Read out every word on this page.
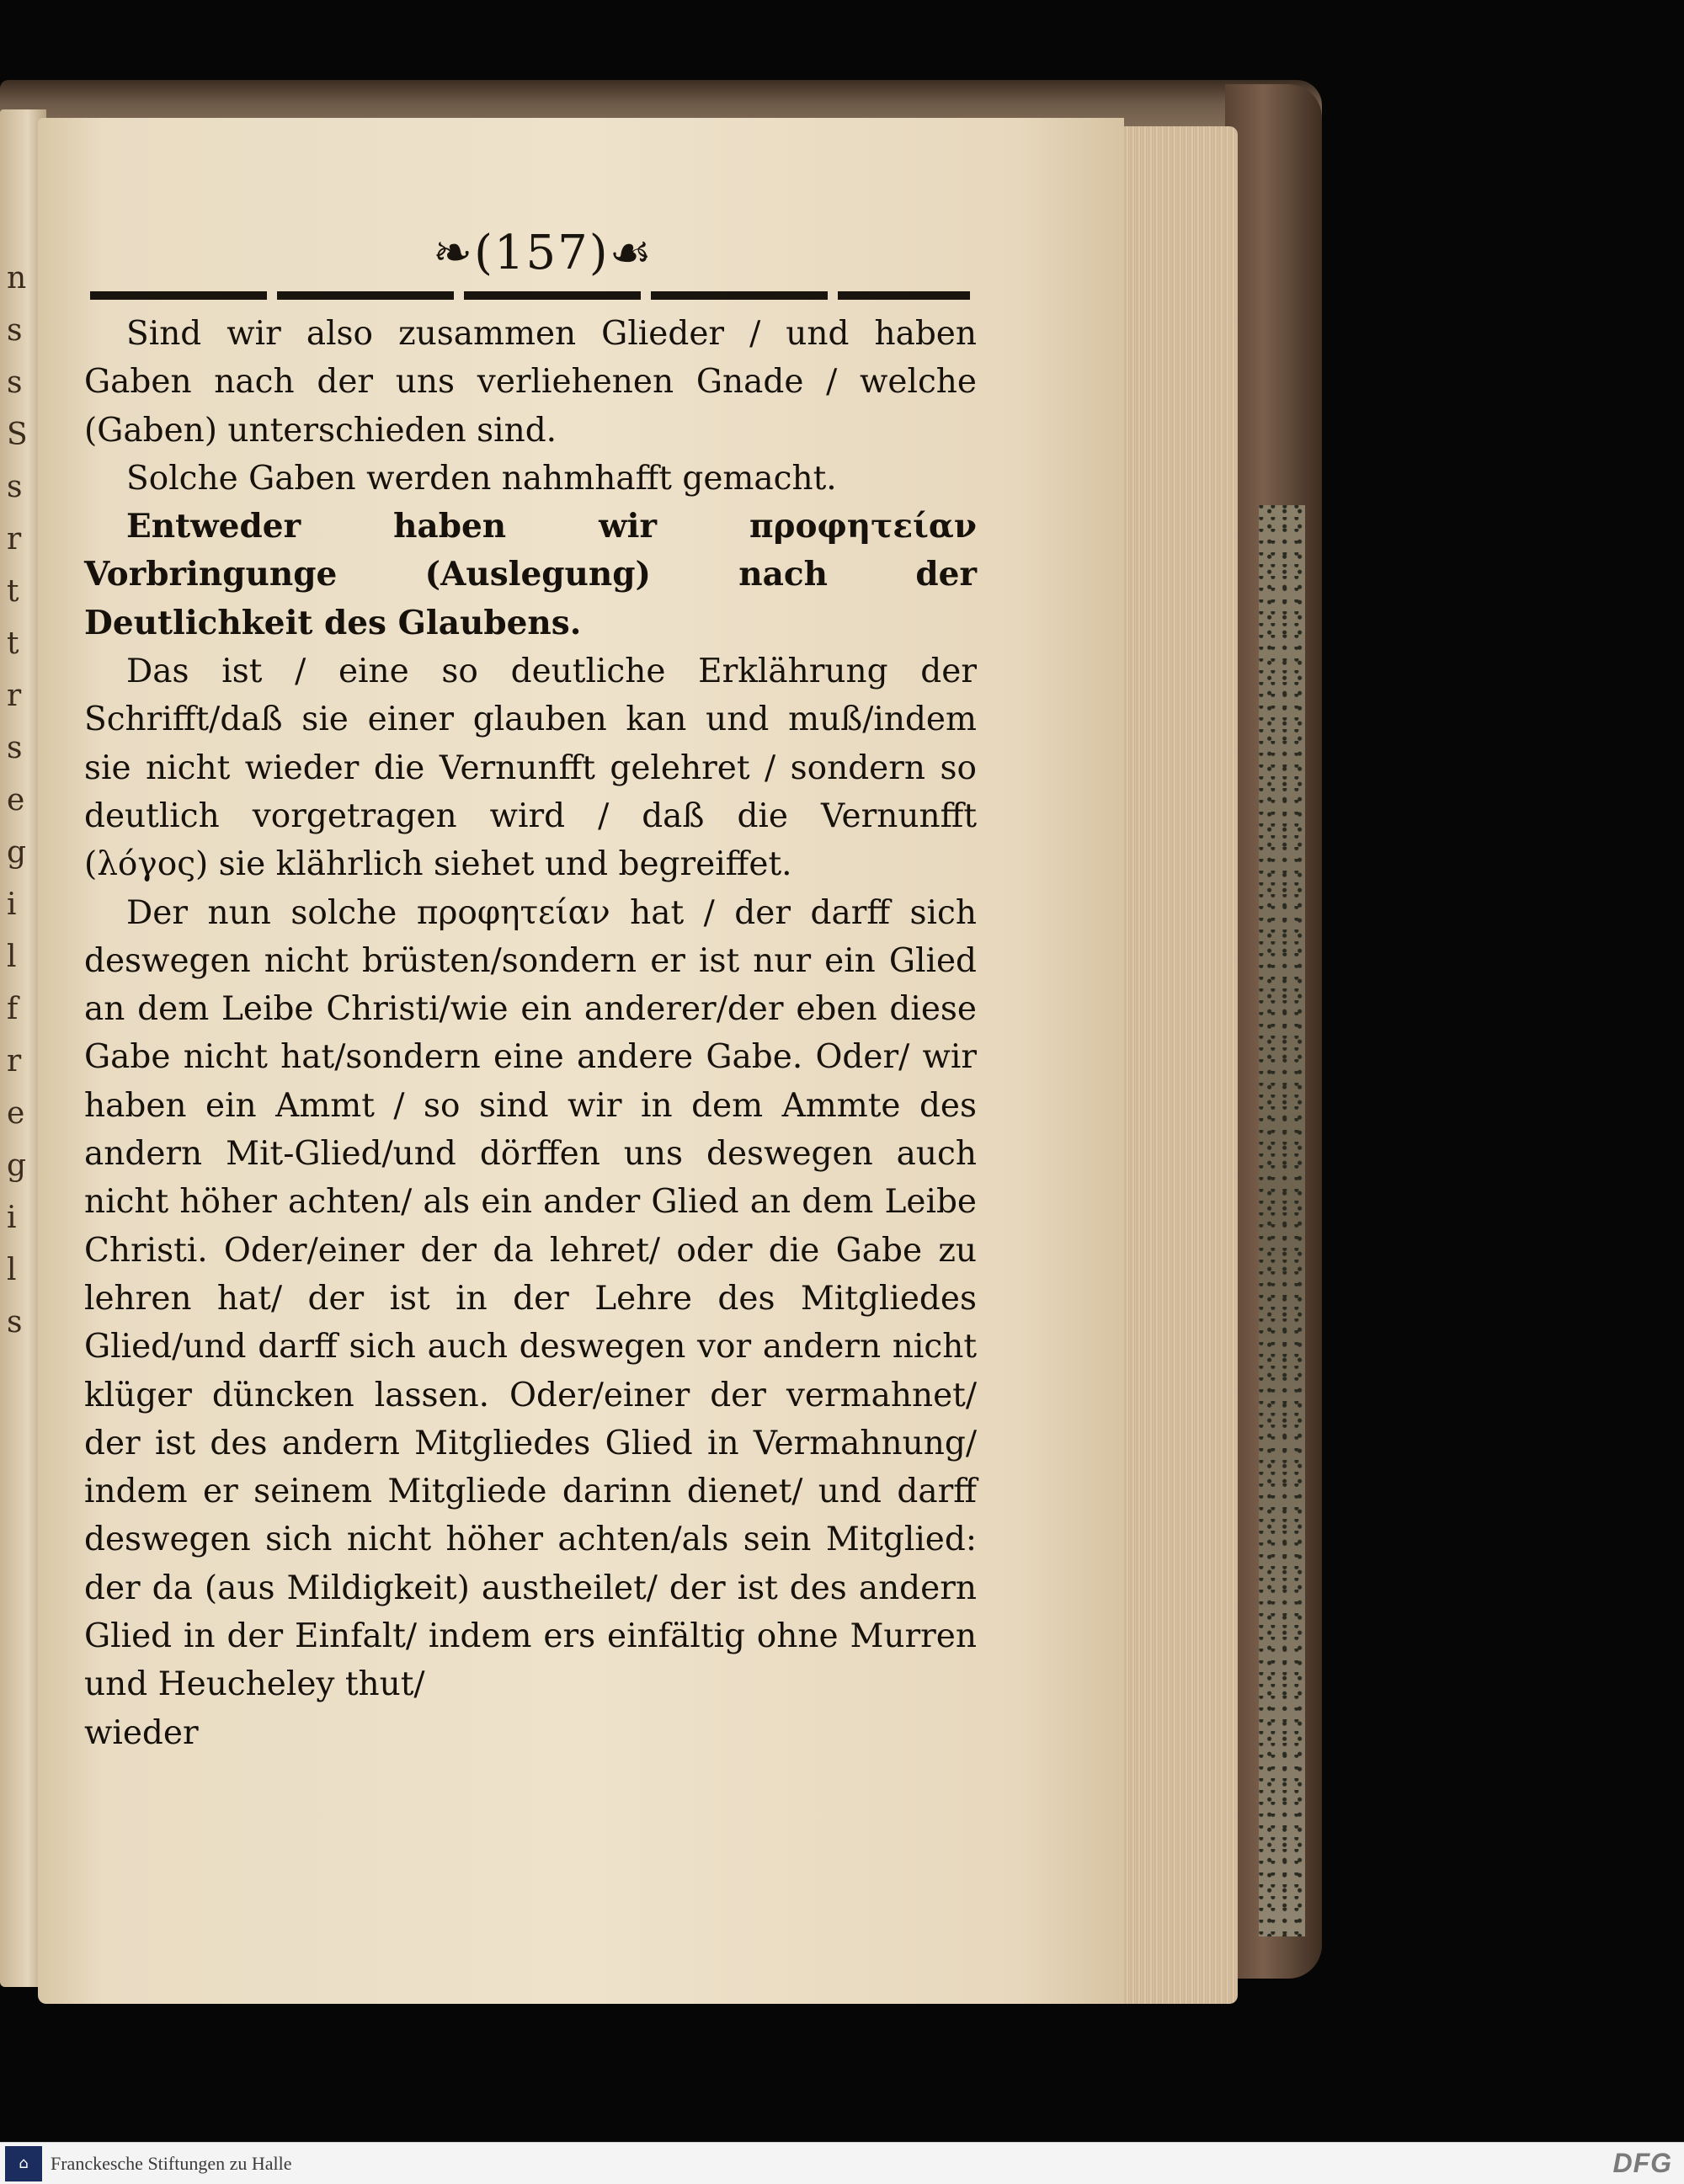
n
s
s
S
s
r
t
t
r
s
e
g
i
l
f
r
e
g
i
l
s
❧(157)☙

Sind wir also zusammen Glieder / und haben Gaben nach der uns verliehenen Gnade / welche (Gaben) unterschieden sind.

Solche Gaben werden nahmhafft gemacht.

Entweder haben wir προφητείαν Vorbringunge (Auslegung) nach der Deutlichkeit des Glaubens.

Das ist / eine so deutliche Erklährung der Schrifft/daß sie einer glauben kan und muß/indem sie nicht wieder die Vernunfft gelehret / sondern so deutlich vorgetragen wird / daß die Vernunfft (λόγος) sie klährlich siehet und begreiffet.

Der nun solche προφητείαν hat / der darff sich deswegen nicht brüsten/sondern er ist nur ein Glied an dem Leibe Christi/wie ein anderer/der eben diese Gabe nicht hat/sondern eine andere Gabe. Oder/ wir haben ein Ammt / so sind wir in dem Ammte des andern Mit-Glied/und dörffen uns deswegen auch nicht höher achten/ als ein ander Glied an dem Leibe Christi. Oder/einer der da lehret/ oder die Gabe zu lehren hat/ der ist in der Lehre des Mitgliedes Glied/und darff sich auch deswegen vor andern nicht klüger düncken lassen. Oder/einer der vermahnet/ der ist des andern Mitgliedes Glied in Vermahnung/ indem er seinem Mitgliede darinn dienet/ und darff deswegen sich nicht höher achten/als sein Mitglied: der da (aus Mildigkeit) austheilet/ der ist des andern Glied in der Einfalt/ indem ers einfältig ohne Murren und Heucheley thut/

wieder
⌂	Franckesche Stiftungen zu Halle	DFG
